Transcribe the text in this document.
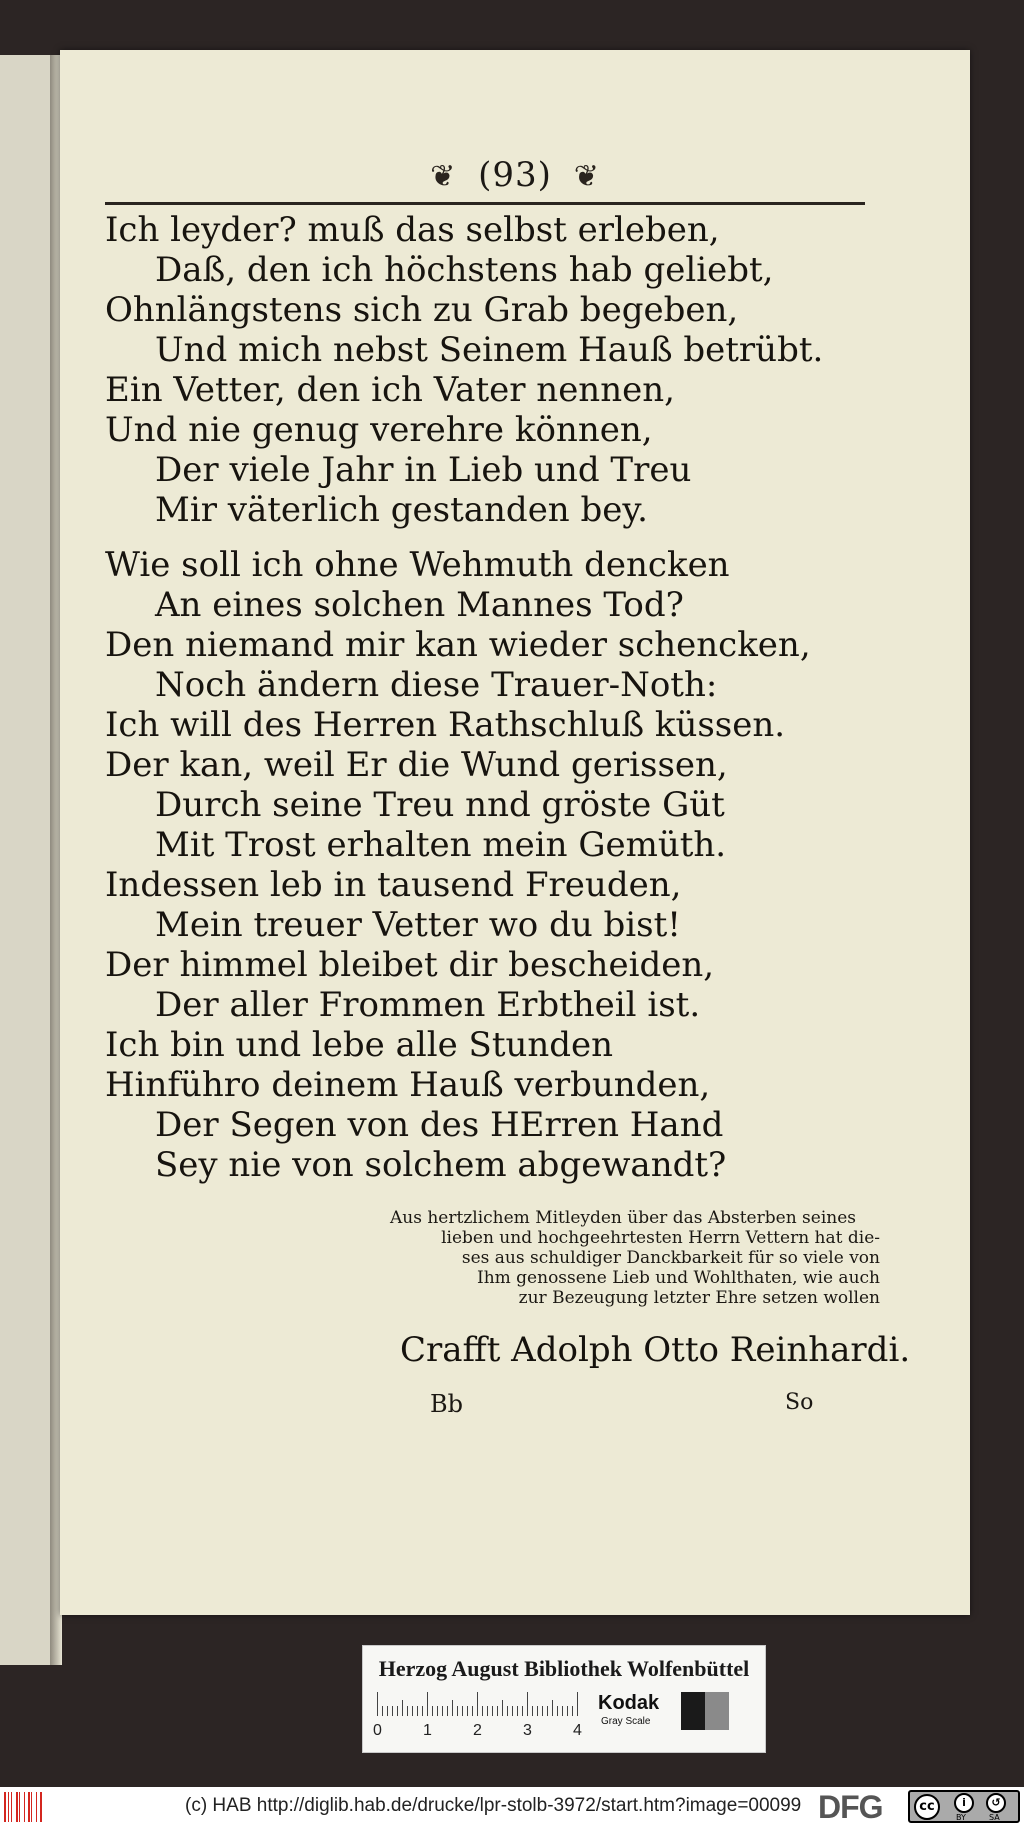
❦ (93) ❦
Ich leyder? muß das selbst erleben,
Daß, den ich höchstens hab geliebt,
Ohnlängstens sich zu Grab begeben,
Und mich nebst Seinem Hauß betrübt.
Ein Vetter, den ich Vater nennen,
Und nie genug verehre können,
Der viele Jahr in Lieb und Treu
Mir väterlich gestanden bey.
Wie soll ich ohne Wehmuth dencken
An eines solchen Mannes Tod?
Den niemand mir kan wieder schencken,
Noch ändern diese Trauer-Noth:
Ich will des Herren Rathschluß küssen.
Der kan, weil Er die Wund gerissen,
Durch seine Treu nnd gröste Güt
Mit Trost erhalten mein Gemüth.
Indessen leb in tausend Freuden,
Mein treuer Vetter wo du bist!
Der himmel bleibet dir bescheiden,
Der aller Frommen Erbtheil ist.
Ich bin und lebe alle Stunden
Hinführo deinem Hauß verbunden,
Der Segen von des HErren Hand
Sey nie von solchem abgewandt?
Aus hertzlichem Mitleyden über das Absterben seines
lieben und hochgeehrtesten Herrn Vettern hat die-
ses aus schuldiger Danckbarkeit für so viele von
Ihm genossene Lieb und Wohlthaten, wie auch
zur Bezeugung letzter Ehre setzen wollen
Crafft Adolph Otto Reinhardi.
Bb	So
Herzog August Bibliothek Wolfenbüttel
0	1	2	3	4
Kodak
Gray Scale
(c) HAB http://diglib.hab.de/drucke/lpr-stolb-3972/start.htm?image=00099 DFG	cc	i	↺
BY	SA
